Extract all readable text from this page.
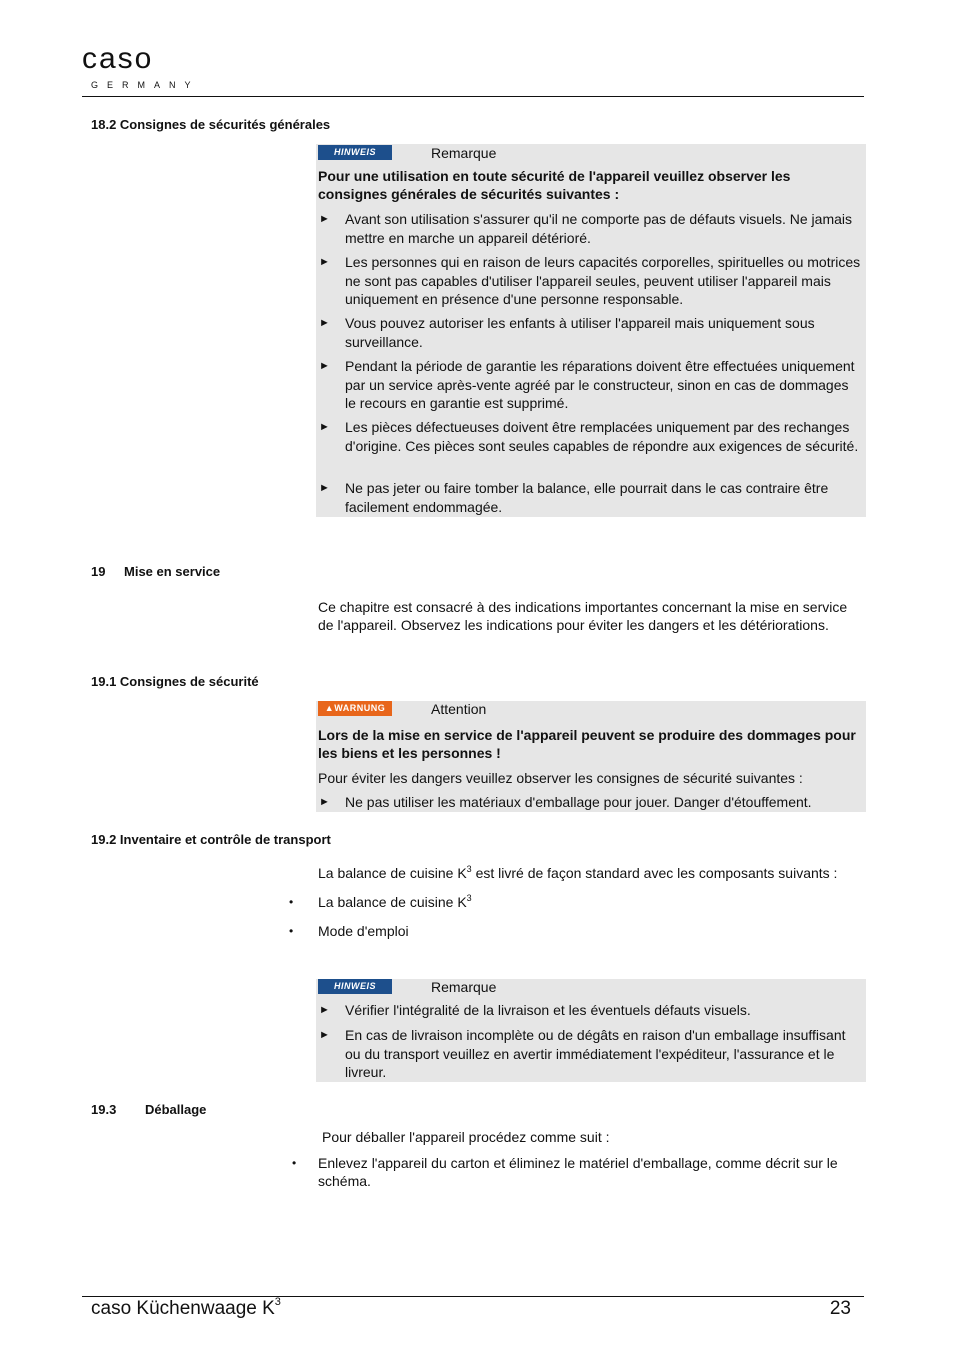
caso
GERMANY
18.2 Consignes de sécurités générales
HINWEIS	Remarque
Pour une utilisation en toute sécurité de l'appareil veuillez observer les consignes générales de sécurités suivantes :
► Avant son utilisation s'assurer qu'il ne comporte pas de défauts visuels. Ne jamais mettre en marche un appareil détérioré.
► Les personnes qui en raison de leurs capacités corporelles, spirituelles ou motrices ne sont pas capables d'utiliser l'appareil seules, peuvent utiliser l'appareil mais uniquement en présence d'une personne responsable.
► Vous pouvez autoriser les enfants à utiliser l'appareil mais uniquement sous surveillance.
► Pendant la période de garantie les réparations doivent être effectuées uniquement par un service après-vente agréé par le constructeur, sinon en cas de dommages le recours en garantie est supprimé.
► Les pièces défectueuses doivent être remplacées uniquement par des rechanges d'origine. Ces pièces sont seules capables de répondre aux exigences de sécurité.
► Ne pas jeter ou faire tomber la balance, elle pourrait dans le cas contraire être facilement endommagée.
19 Mise en service
Ce chapitre est consacré à des indications importantes concernant la mise en service de l'appareil. Observez les indications pour éviter les dangers et les détériorations.
19.1 Consignes de sécurité
▲WARNUNG	Attention
Lors de la mise en service de l'appareil peuvent se produire des dommages pour les biens et les personnes !
Pour éviter les dangers veuillez observer les consignes de sécurité suivantes :
► Ne pas utiliser les matériaux d'emballage pour jouer. Danger d'étouffement.
19.2 Inventaire et contrôle de transport
La balance de cuisine $K^3$ est livré de façon standard avec les composants suivants :
• La balance de cuisine $K^3$
• Mode d'emploi
HINWEIS	Remarque
► Vérifier l'intégralité de la livraison et les éventuels défauts visuels.
► En cas de livraison incomplète ou de dégâts en raison d'un emballage insuffisant ou du transport veuillez en avertir immédiatement l'expéditeur, l'assurance et le livreur.
19.3 Déballage
Pour déballer l'appareil procédez comme suit :
• Enlevez l'appareil du carton et éliminez le matériel d'emballage, comme décrit sur le schéma.
caso Küchenwaage $K^3$	23
